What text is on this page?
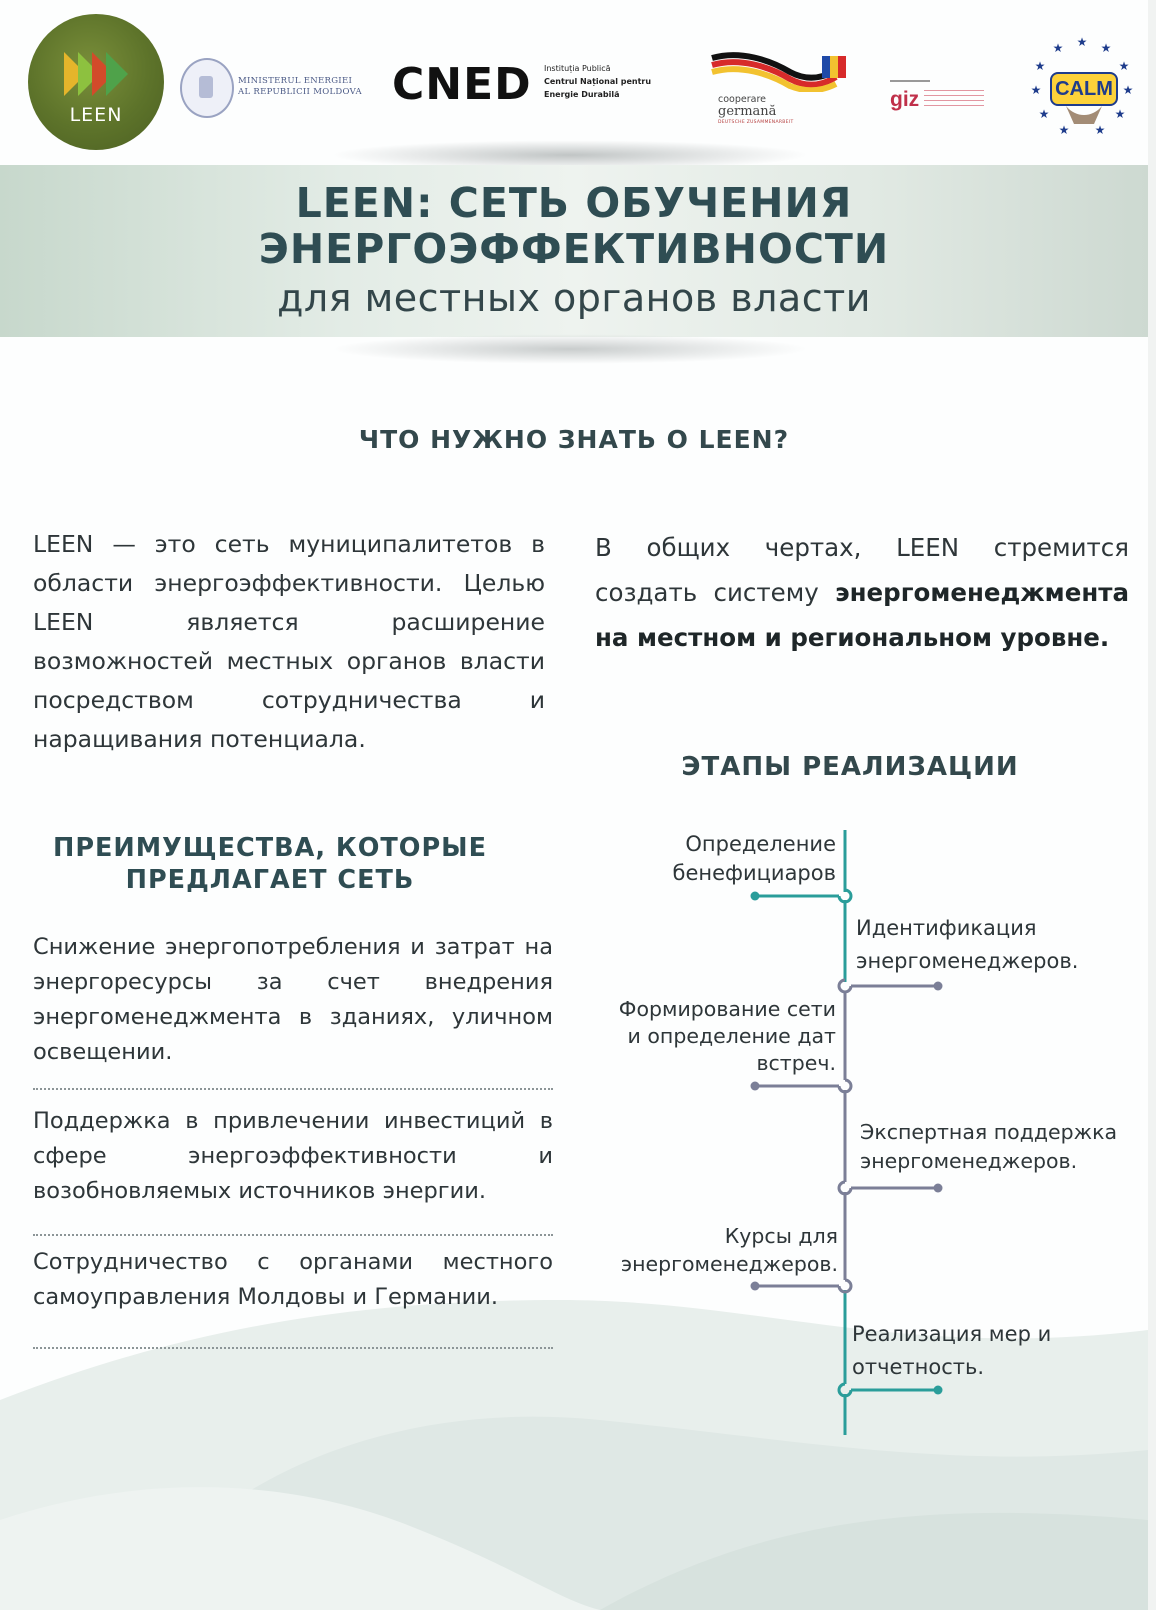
LEEN
MINISTERUL ENERGIEI
AL REPUBLICII MOLDOVA CNED Instituția Publică
Centrul Național pentru
Energie Durabilă	cooperare
germană
DEUTSCHE ZUSAMMENARBEIT
giz
★ ★
★
★
★
★
★
★
★
★
★
CALM
LEEN: СЕТЬ ОБУЧЕНИЯ
ЭНЕРГОЭФФЕКТИВНОСТИ
для местных органов власти
ЧТО НУЖНО ЗНАТЬ О LEEN?
LEEN — это сеть муниципалитетов в области энергоэффективности. Целью LEEN является расширение возможностей местных органов власти посредством сотрудничества и наращивания потенциала.
В общих чертах, LEEN стремится создать систему энергоменеджмента на местном и региональном уровне.
ПРЕИМУЩЕСТВА, КОТОРЫЕ
ПРЕДЛАГАЕТ СЕТЬ
Снижение энергопотребления и затрат на энергоресурсы за счет внедрения энергоменеджмента в зданиях, уличном освещении.
Поддержка в привлечении инвестиций в сфере энергоэффективности и возобновляемых источников энергии.
Сотрудничество с органами местного самоуправления Молдовы и Германии.
ЭТАПЫ РЕАЛИЗАЦИИ
Определение
бенефициаров
Идентификация
энергоменеджеров.
Формирование сети
и определение дат
встреч.
Экспертная поддержка
энергоменеджеров.
Курсы для
энергоменеджеров.
Реализация мер и
отчетность.
